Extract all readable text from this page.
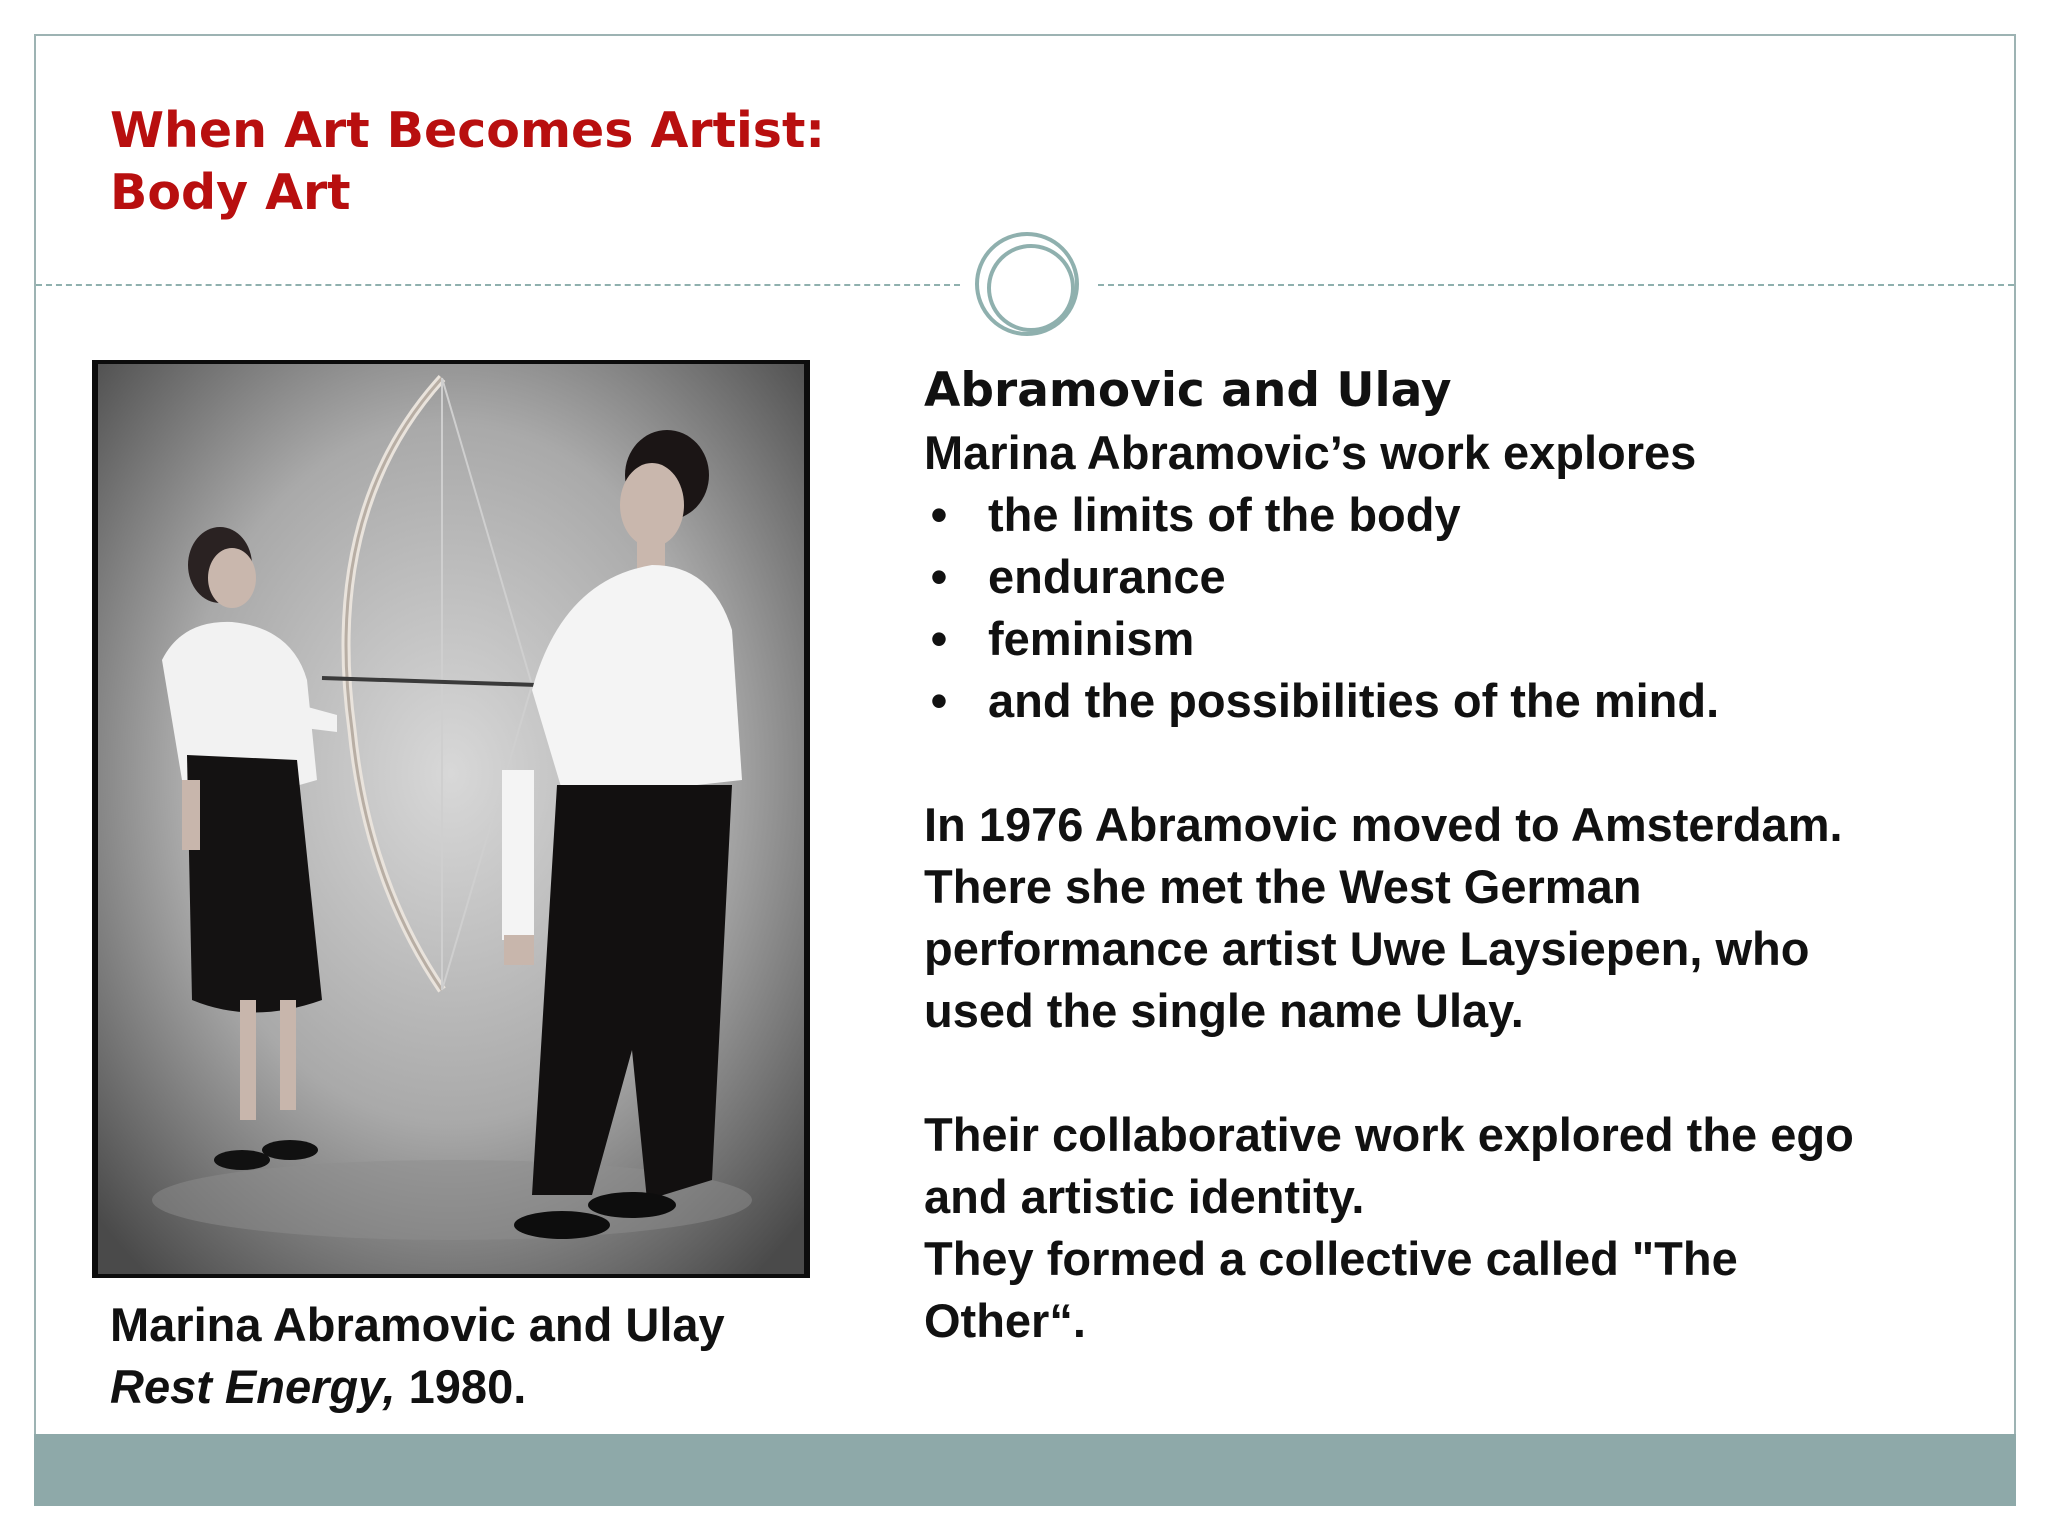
When Art Becomes Artist:
Body Art
Marina Abramovic and Ulay
Rest Energy, 1980.
Abramovic and Ulay
Marina Abramovic’s work explores
• the limits of the body
• endurance
• feminism
• and the possibilities of the mind.
In 1976 Abramovic moved to Amsterdam.
There she met the West German
performance artist Uwe Laysiepen, who
used the single name Ulay.
Their collaborative work explored the ego
and artistic identity.
They formed a collective called "The
Other“.
